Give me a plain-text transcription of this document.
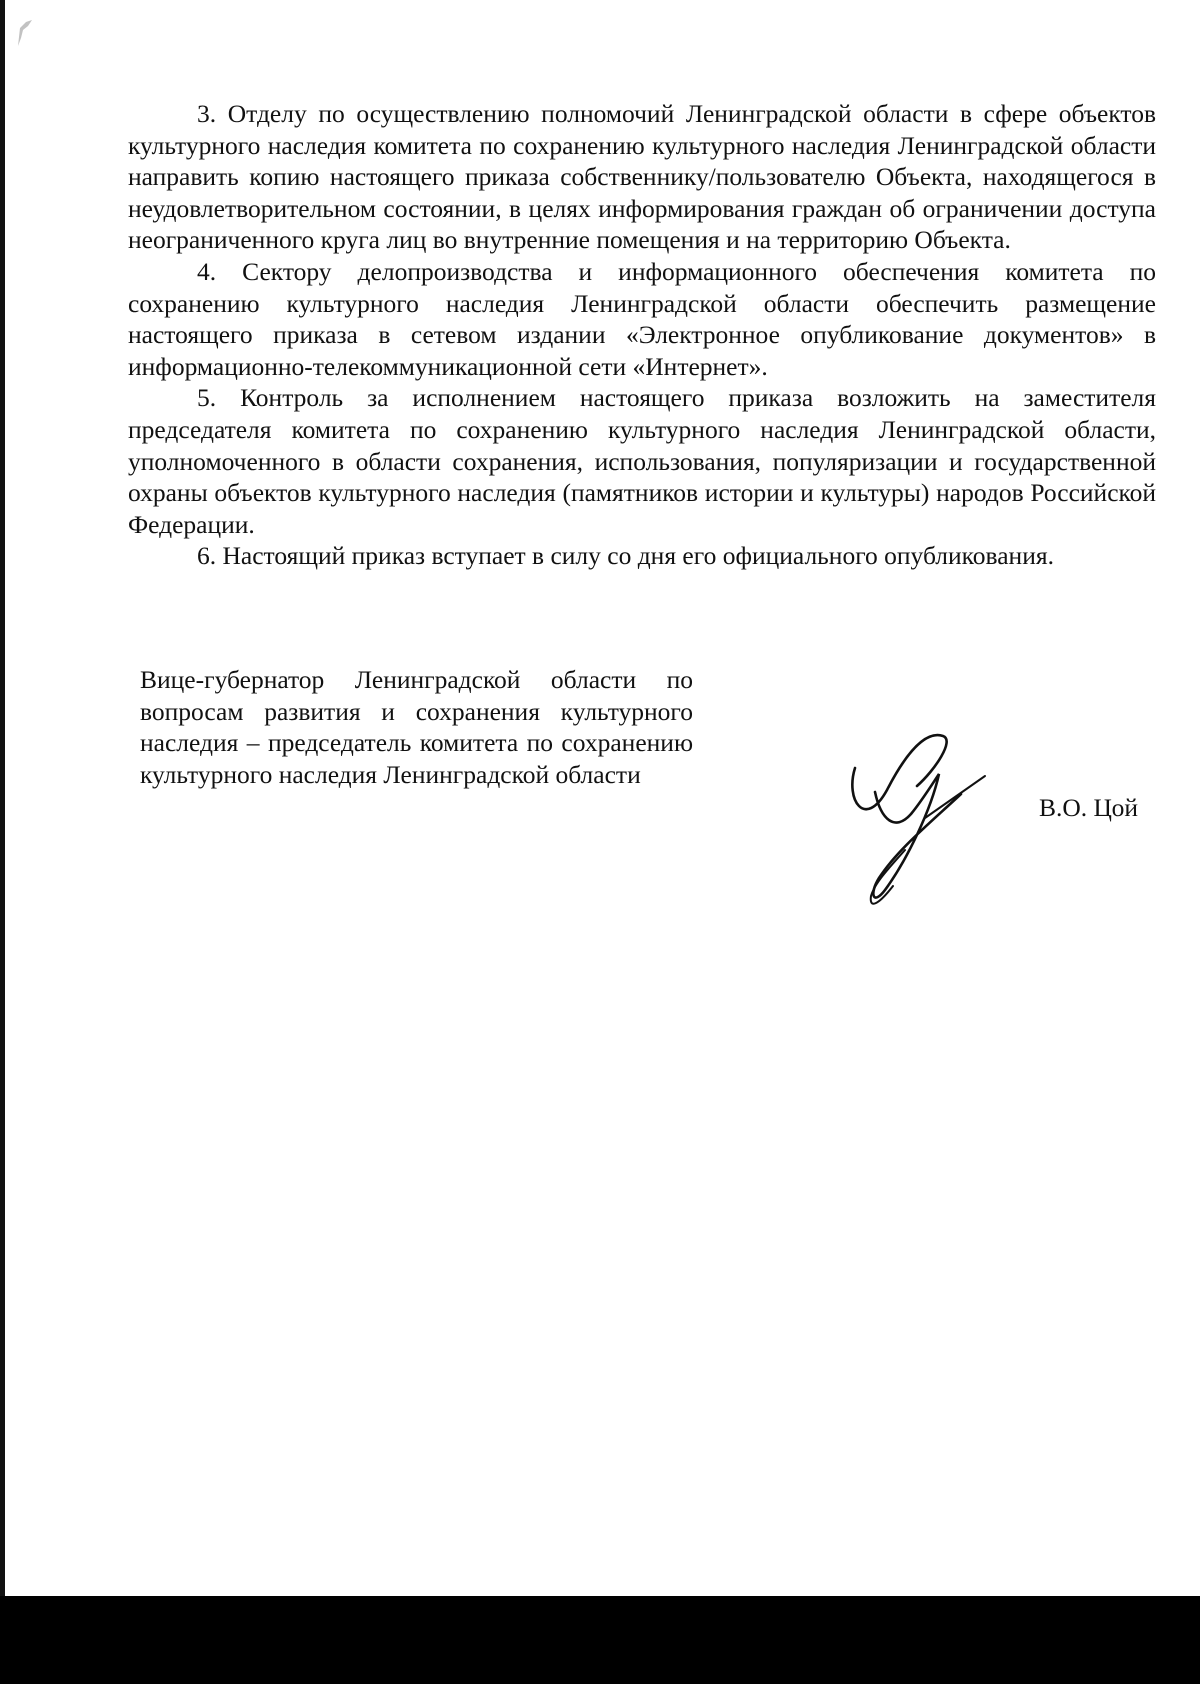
3. Отделу по осуществлению полномочий Ленинградской области в сфере объектов культурного наследия комитета по сохранению культурного наследия Ленинградской области направить копию настоящего приказа собственнику/пользователю Объекта, находящегося в неудовлетворительном состоянии, в целях информирования граждан об ограничении доступа неограниченного круга лиц во внутренние помещения и на территорию Объекта.

4. Сектору делопроизводства и информационного обеспечения комитета по сохранению культурного наследия Ленинградской области обеспечить размещение настоящего приказа в сетевом издании «Электронное опубликование документов» в информационно-телекоммуникационной сети «Интернет».

5. Контроль за исполнением настоящего приказа возложить на заместителя председателя комитета по сохранению культурного наследия Ленинградской области, уполномоченного в области сохранения, использования, популяризации и государственной охраны объектов культурного наследия (памятников истории и культуры) народов Российской Федерации.

6. Настоящий приказ вступает в силу со дня его официального опубликования.

Вице-губернатор Ленинградской области по вопросам развития и сохранения культурного наследия – председатель комитета по сохранению культурного наследия Ленинградской области
В.О. Цой
